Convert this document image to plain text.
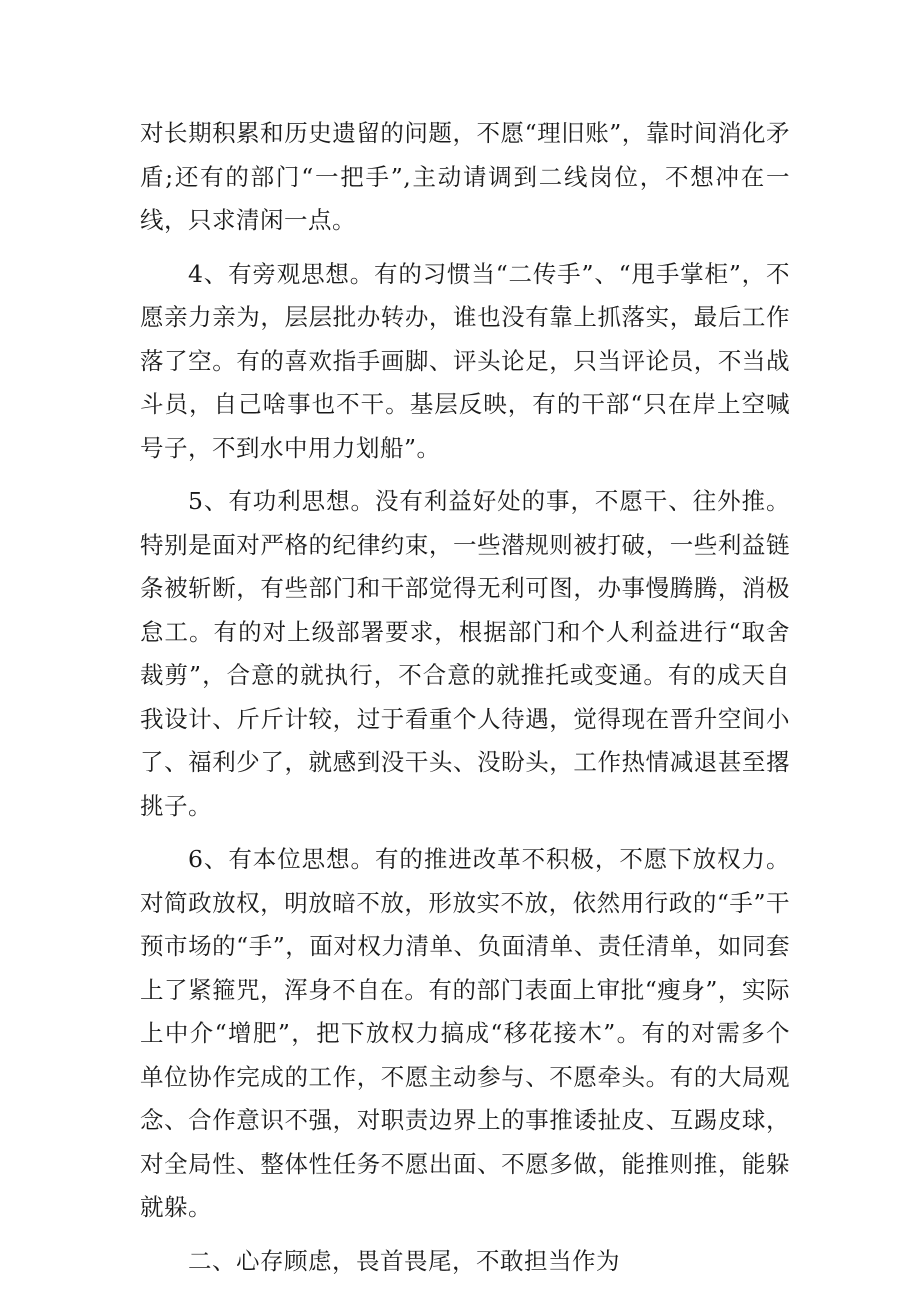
对长期积累和历史遗留的问题，不愿“理旧账”，靠时间消化矛盾;还有的部门“一把手”,主动请调到二线岗位，不想冲在一线，只求清闲一点。

4、有旁观思想。有的习惯当“二传手”、“甩手掌柜”，不愿亲力亲为，层层批办转办，谁也没有靠上抓落实，最后工作落了空。有的喜欢指手画脚、评头论足，只当评论员，不当战斗员，自己啥事也不干。基层反映，有的干部“只在岸上空喊号子，不到水中用力划船”。

5、有功利思想。没有利益好处的事，不愿干、往外推。特别是面对严格的纪律约束，一些潜规则被打破，一些利益链条被斩断，有些部门和干部觉得无利可图，办事慢腾腾，消极怠工。有的对上级部署要求，根据部门和个人利益进行“取舍裁剪”，合意的就执行，不合意的就推托或变通。有的成天自我设计、斤斤计较，过于看重个人待遇，觉得现在晋升空间小了、福利少了，就感到没干头、没盼头，工作热情减退甚至撂挑子。

6、有本位思想。有的推进改革不积极，不愿下放权力。对简政放权，明放暗不放，形放实不放，依然用行政的“手”干预市场的“手”，面对权力清单、负面清单、责任清单，如同套上了紧箍咒，浑身不自在。有的部门表面上审批“瘦身”，实际上中介“增肥”，把下放权力搞成“移花接木”。有的对需多个单位协作完成的工作，不愿主动参与、不愿牵头。有的大局观念、合作意识不强，对职责边界上的事推诿扯皮、互踢皮球，对全局性、整体性任务不愿出面、不愿多做，能推则推，能躲就躲。

二、心存顾虑，畏首畏尾，不敢担当作为
